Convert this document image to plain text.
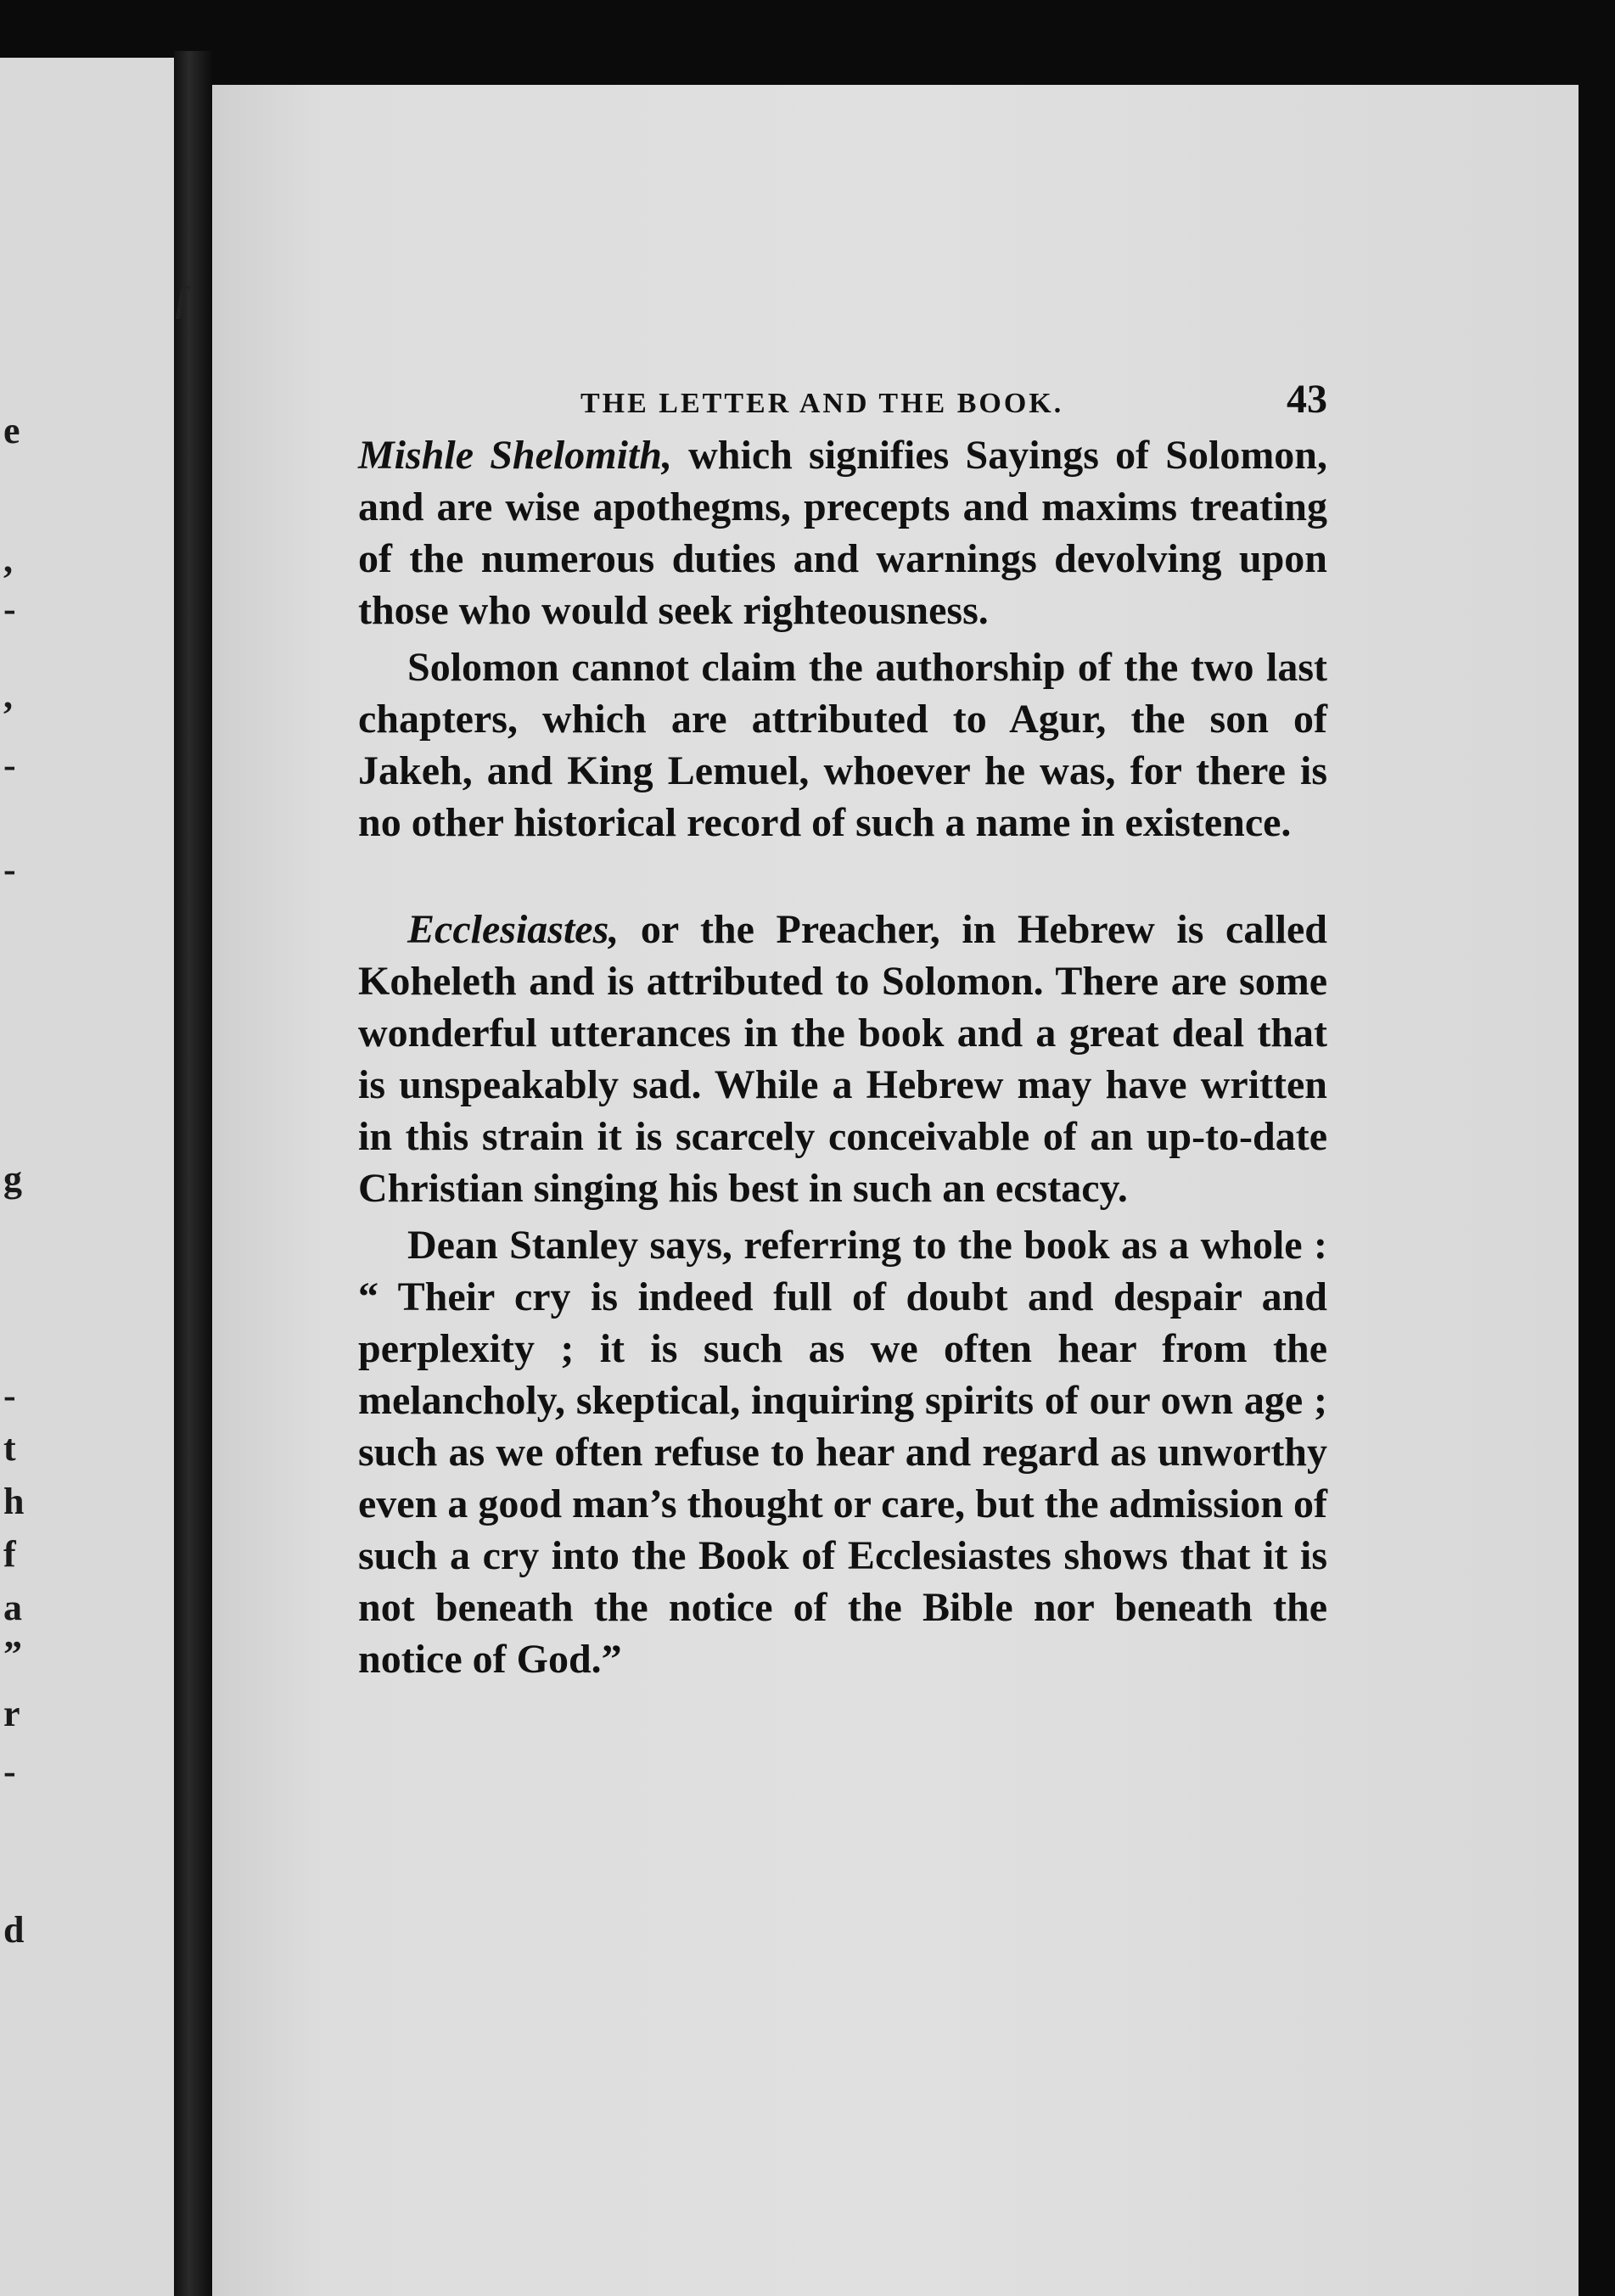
e
,
-
,
-
-
g
-
t
h
f
a
”
r
-
d
ſ
THE LETTER AND THE BOOK.	43

Mishle Shelomith, which signifies Sayings of Solomon, and are wise apothegms, precepts and maxims treating of the numerous duties and warnings devolving upon those who would seek righteousness.

Solomon cannot claim the authorship of the two last chapters, which are attributed to Agur, the son of Jakeh, and King Lemuel, whoever he was, for there is no other historical record of such a name in existence.

Ecclesiastes, or the Preacher, in Hebrew is called Koheleth and is attributed to Solomon. There are some wonderful utterances in the book and a great deal that is unspeakably sad. While a Hebrew may have written in this strain it is scarcely conceivable of an up-to-date Christian singing his best in such an ecstacy.

Dean Stanley says, referring to the book as a whole : “ Their cry is indeed full of doubt and despair and perplexity ; it is such as we often hear from the melancholy, skeptical, inquiring spirits of our own age ; such as we often refuse to hear and regard as unworthy even a good man’s thought or care, but the admission of such a cry into the Book of Ecclesiastes shows that it is not beneath the notice of the Bible nor beneath the notice of God.”
